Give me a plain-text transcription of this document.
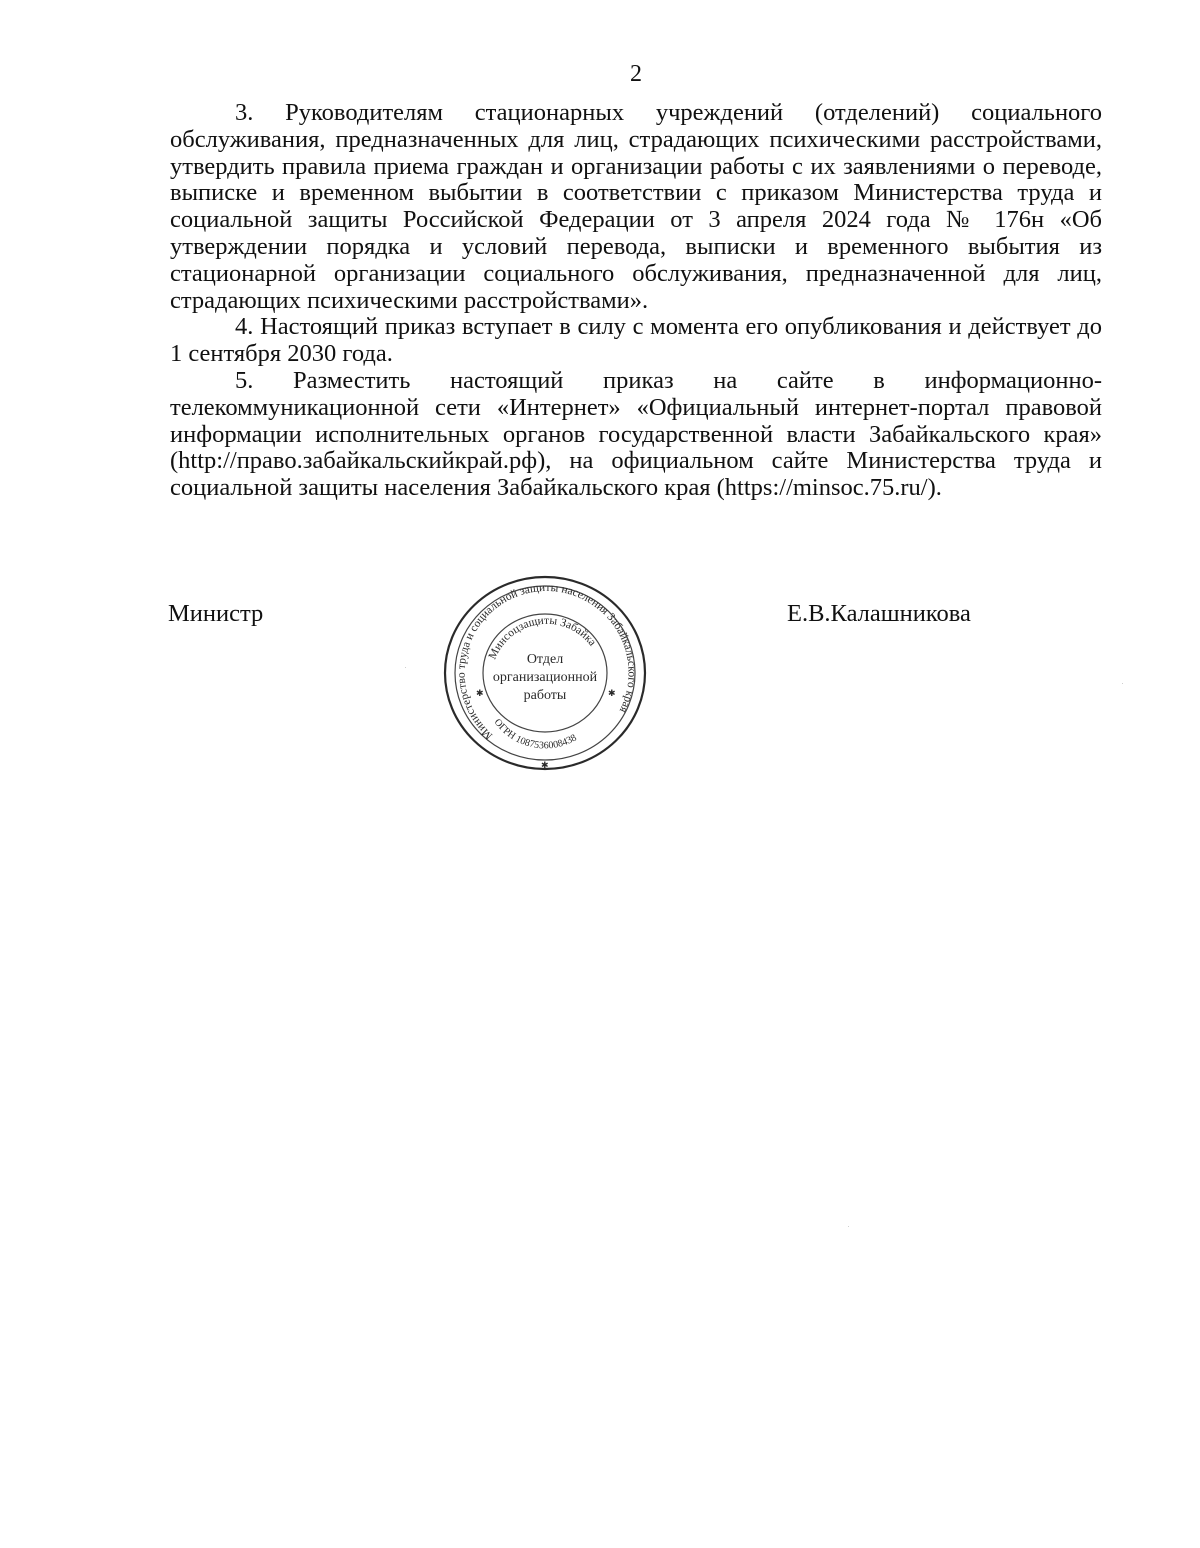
2

3. Руководителям стационарных учреждений (отделений) социального обслуживания, предназначенных для лиц, страдающих психическими расстройствами, утвердить правила приема граждан и организации работы с их заявлениями о переводе, выписке и временном выбытии в соответствии с приказом Министерства труда и социальной защиты Российской Федерации от 3 апреля 2024 года № 176н «Об утверждении порядка и условий перевода, выписки и временного выбытия из стационарной организации социального обслуживания, предназначенной для лиц, страдающих психическими расстройствами».

4. Настоящий приказ вступает в силу с момента его опубликования и действует до 1 сентября 2030 года.

5. Разместить настоящий приказ на сайте в информационно-телекоммуникационной сети «Интернет» «Официальный интернет-портал правовой информации исполнительных органов государственной власти Забайкальского края» (http://право.забайкальскийкрай.рф), на официальном сайте Министерства труда и социальной защиты населения Забайкальского края (https://minsoc.75.ru/).

Министр
Министерство труда и социальной защиты населения Забайкальского края
Минсоцзащиты Забайка
ОГРН 1087536008438
Отдел
организационной
работы
✱	✱
✱
Е.В.Калашникова
